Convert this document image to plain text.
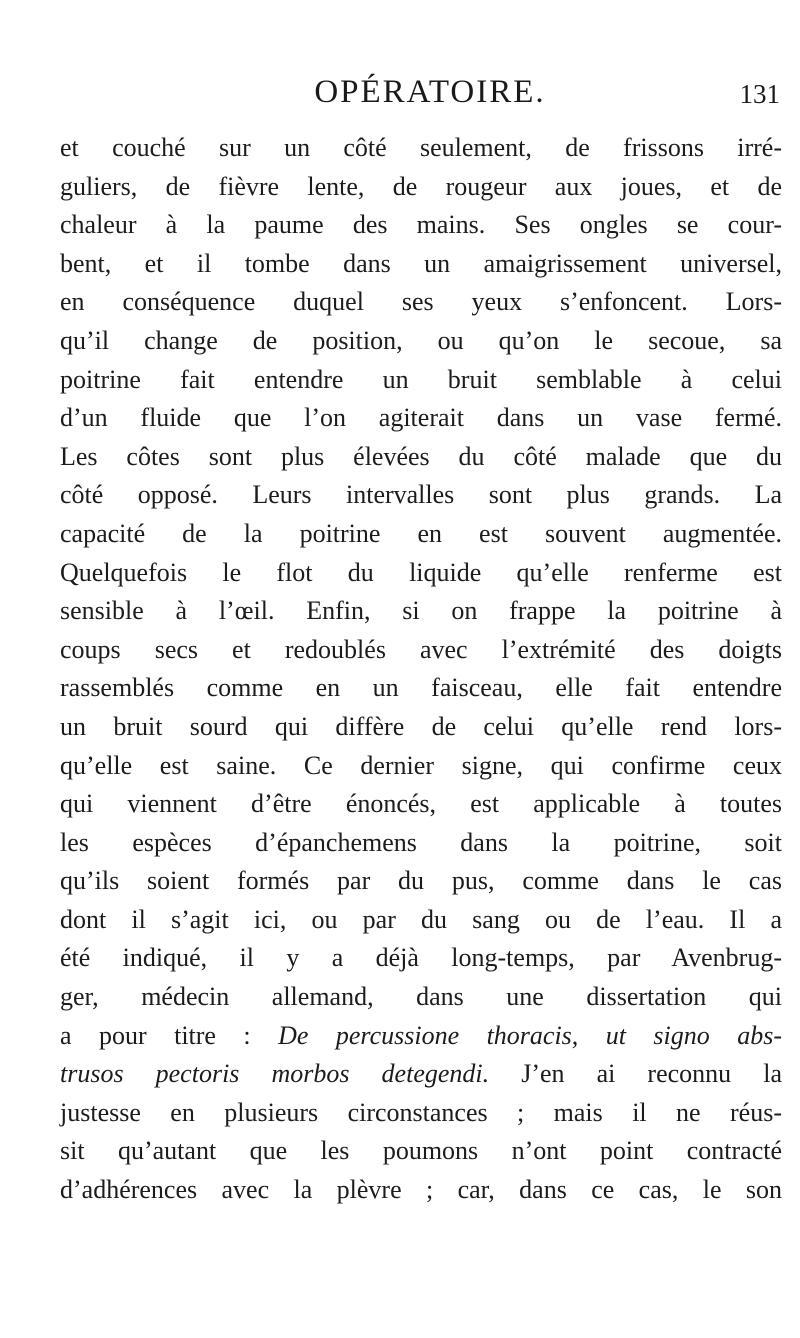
OPÉRATOIRE.	131
et couché sur un côté seulement, de frissons irré-
guliers, de fièvre lente, de rougeur aux joues, et de
chaleur à la paume des mains. Ses ongles se cour-
bent, et il tombe dans un amaigrissement universel,
en conséquence duquel ses yeux s’enfoncent. Lors-
qu’il change de position, ou qu’on le secoue, sa
poitrine fait entendre un bruit semblable à celui
d’un fluide que l’on agiterait dans un vase fermé.
Les côtes sont plus élevées du côté malade que du
côté opposé. Leurs intervalles sont plus grands. La
capacité de la poitrine en est souvent augmentée.
Quelquefois le flot du liquide qu’elle renferme est
sensible à l’œil. Enfin, si on frappe la poitrine à
coups secs et redoublés avec l’extrémité des doigts
rassemblés comme en un faisceau, elle fait entendre
un bruit sourd qui diffère de celui qu’elle rend lors-
qu’elle est saine. Ce dernier signe, qui confirme ceux
qui viennent d’être énoncés, est applicable à toutes
les espèces d’épanchemens dans la poitrine, soit
qu’ils soient formés par du pus, comme dans le cas
dont il s’agit ici, ou par du sang ou de l’eau. Il a
été indiqué, il y a déjà long-temps, par Avenbrug-
ger, médecin allemand, dans une dissertation qui
a pour titre : De percussione thoracis, ut signo abs-
trusos pectoris morbos detegendi. J’en ai reconnu la
justesse en plusieurs circonstances ; mais il ne réus-
sit qu’autant que les poumons n’ont point contracté
d’adhérences avec la plèvre ; car, dans ce cas, le son
